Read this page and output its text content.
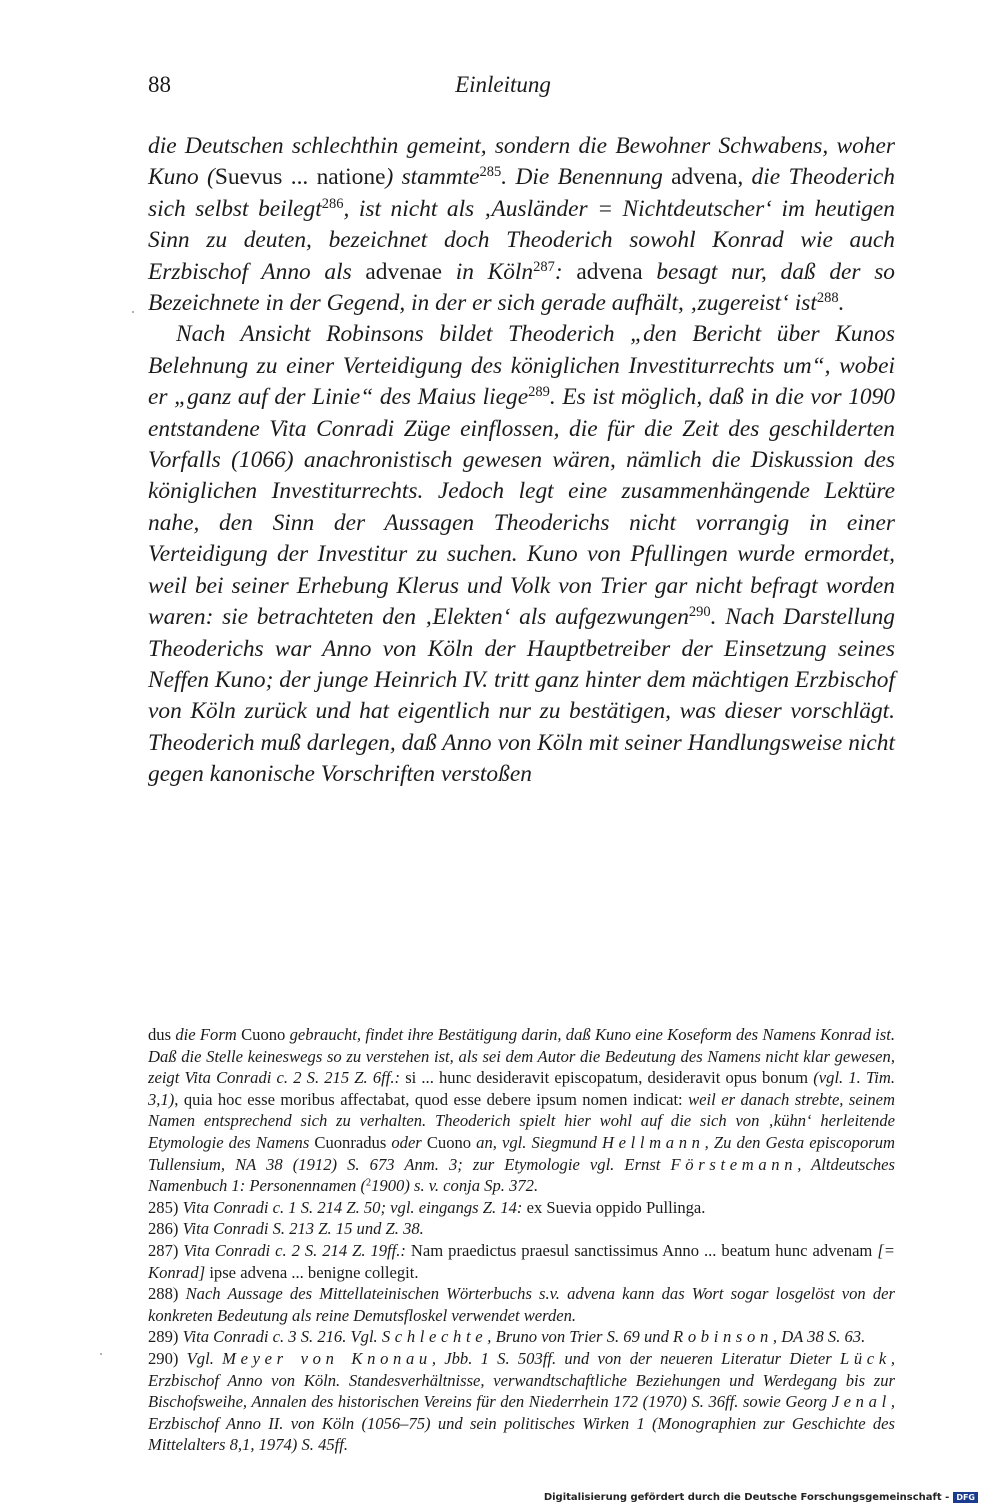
88	Einleitung

die Deutschen schlechthin gemeint, sondern die Bewohner Schwabens, woher Kuno (Suevus ... natione) stammte$^{285}$. Die Benennung advena, die Theoderich sich selbst beilegt$^{286}$, ist nicht als ‚Ausländer = Nichtdeutscher‘ im heutigen Sinn zu deuten, bezeichnet doch Theoderich sowohl Konrad wie auch Erzbischof Anno als advenae in Köln$^{287}$: advena besagt nur, daß der so Bezeichnete in der Gegend, in der er sich gerade aufhält, ‚zugereist‘ ist$^{288}$.

Nach Ansicht Robinsons bildet Theoderich „den Bericht über Kunos Belehnung zu einer Verteidigung des königlichen Investiturrechts um“, wobei er „ganz auf der Linie“ des Maius liege$^{289}$. Es ist möglich, daß in die vor 1090 entstandene Vita Conradi Züge einflossen, die für die Zeit des geschilderten Vorfalls (1066) anachronistisch gewesen wären, nämlich die Diskussion des königlichen Investiturrechts. Jedoch legt eine zusammenhängende Lektüre nahe, den Sinn der Aussagen Theoderichs nicht vorrangig in einer Verteidigung der Investitur zu suchen. Kuno von Pfullingen wurde ermordet, weil bei seiner Erhebung Klerus und Volk von Trier gar nicht befragt worden waren: sie betrachteten den ‚Elekten‘ als aufgezwungen$^{290}$. Nach Darstellung Theoderichs war Anno von Köln der Hauptbetreiber der Einsetzung seines Neffen Kuno; der junge Heinrich IV. tritt ganz hinter dem mächtigen Erzbischof von Köln zurück und hat eigentlich nur zu bestätigen, was dieser vorschlägt. Theoderich muß darlegen, daß Anno von Köln mit seiner Handlungsweise nicht gegen kanonische Vorschriften verstoßen

dus die Form Cuono gebraucht, findet ihre Bestätigung darin, daß Kuno eine Koseform des Namens Konrad ist. Daß die Stelle keineswegs so zu verstehen ist, als sei dem Autor die Bedeutung des Namens nicht klar gewesen, zeigt Vita Conradi c. 2 S. 215 Z. 6ff.: si ... hunc desideravit episcopatum, desideravit opus bonum (vgl. 1. Tim. 3,1), quia hoc esse moribus affectabat, quod esse debere ipsum nomen indicat: weil er danach strebte, seinem Namen entsprechend sich zu verhalten. Theoderich spielt hier wohl auf die sich von ‚kühn‘ herleitende Etymologie des Namens Cuonradus oder Cuono an, vgl. Siegmund Hellmann, Zu den Gesta episcoporum Tullensium, NA 38 (1912) S. 673 Anm. 3; zur Etymologie vgl. Ernst Förstemann, Altdeutsches Namenbuch 1: Personennamen ($^2$1900) s. v. conja Sp. 372.

285) Vita Conradi c. 1 S. 214 Z. 50; vgl. eingangs Z. 14: ex Suevia oppido Pullinga.

286) Vita Conradi S. 213 Z. 15 und Z. 38.

287) Vita Conradi c. 2 S. 214 Z. 19ff.: Nam praedictus praesul sanctissimus Anno ... beatum hunc advenam [= Konrad] ipse advena ... benigne collegit.

288) Nach Aussage des Mittellateinischen Wörterbuchs s.v. advena kann das Wort sogar losgelöst von der konkreten Bedeutung als reine Demutsfloskel verwendet werden.

289) Vita Conradi c. 3 S. 216. Vgl. Schlechte, Bruno von Trier S. 69 und Robinson, DA 38 S. 63.

290) Vgl. Meyer von Knonau, Jbb. 1 S. 503ff. und von der neueren Literatur Dieter Lück, Erzbischof Anno von Köln. Standesverhältnisse, verwandtschaftliche Beziehungen und Werdegang bis zur Bischofsweihe, Annalen des historischen Vereins für den Niederrhein 172 (1970) S. 36ff. sowie Georg Jenal, Erzbischof Anno II. von Köln (1056–75) und sein politisches Wirken 1 (Monographien zur Geschichte des Mittelalters 8,1, 1974) S. 45ff.

Digitalisierung gefördert durch die Deutsche Forschungsgemeinschaft - DFG
